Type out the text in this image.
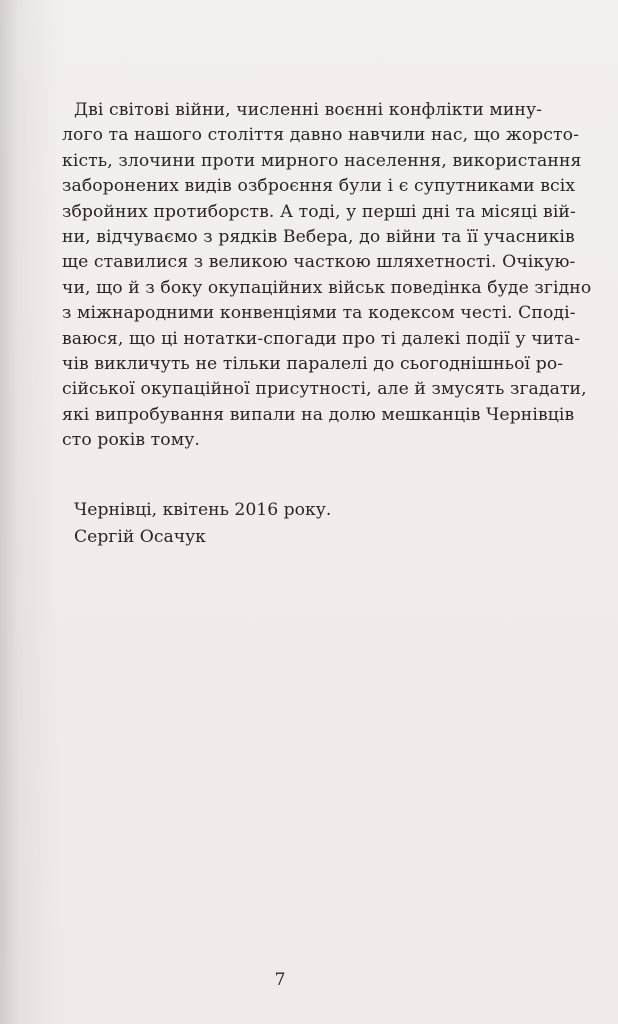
Дві світові війни, численні воєнні конфлікти мину-
лого та нашого століття давно навчили нас, що жорсто-
кість, злочини проти мирного населення, використання
заборонених видів озброєння були і є супутниками всіх
збройних протиборств. А тоді, у перші дні та місяці вій-
ни, відчуваємо з рядків Вебера, до війни та її учасників
ще ставилися з великою часткою шляхетності. Очікую-
чи, що й з боку окупаційних військ поведінка буде згідно
з міжнародними конвенціями та кодексом честі. Споді-
ваюся, що ці нотатки-спогади про ті далекі події у чита-
чів викличуть не тільки паралелі до сьогоднішньої ро-
сійської окупаційної присутності, але й змусять згадати,
які випробування випали на долю мешканців Чернівців
сто років тому.
Чернівці, квітень 2016 року.
Сергій Осачук
7
